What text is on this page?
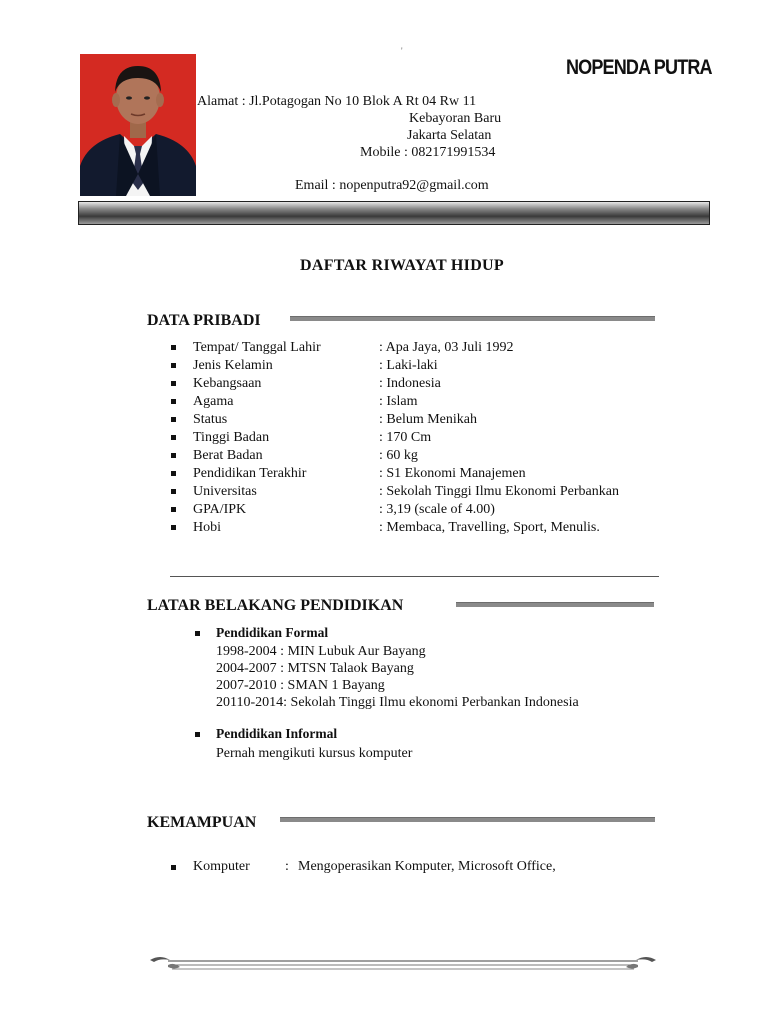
'
NOPENDA PUTRA
Alamat : Jl.Potagogan No 10 Blok A Rt 04 Rw 11
Kebayoran Baru
Jakarta Selatan
Mobile : 082171991534
Email : nopenputra92@gmail.com
DAFTAR RIWAYAT HIDUP
DATA PRIBADI
Tempat/ Tanggal Lahir	: Apa Jaya, 03 Juli 1992
Jenis Kelamin	: Laki-laki
Kebangsaan	: Indonesia
Agama	: Islam
Status	: Belum Menikah
Tinggi Badan	: 170 Cm
Berat Badan	: 60 kg
Pendidikan Terakhir	: S1 Ekonomi Manajemen
Universitas	: Sekolah Tinggi Ilmu Ekonomi Perbankan
GPA/IPK	: 3,19 (scale of 4.00)
Hobi	: Membaca, Travelling, Sport, Menulis.
LATAR BELAKANG PENDIDIKAN
Pendidikan Formal
1998-2004 : MIN Lubuk Aur Bayang
2004-2007 : MTSN Talaok Bayang
2007-2010 : SMAN 1 Bayang
20110-2014: Sekolah Tinggi Ilmu ekonomi Perbankan Indonesia
Pendidikan Informal
Pernah mengikuti kursus komputer
KEMAMPUAN
Komputer	: Mengoperasikan Komputer, Microsoft Office,
